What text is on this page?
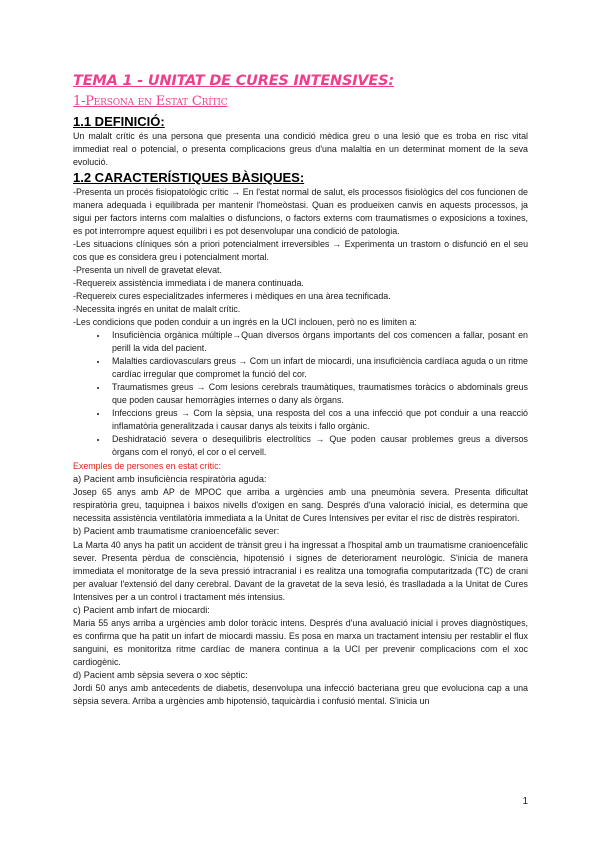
TEMA 1 - UNITAT DE CURES INTENSIVES:
1-Persona en Estat Crític
1.1 DEFINICIÓ:

Un malalt crític és una persona que presenta una condició mèdica greu o una lesió que es troba en risc vital immediat real o potencial, o presenta complicacions greus d'una malaltia en un determinat moment de la seva evolució.

1.2 CARACTERÍSTIQUES BÀSIQUES:

-Presenta un procés fisiopatològic crític → En l'estat normal de salut, els processos fisiològics del cos funcionen de manera adequada i equilibrada per mantenir l'homeòstasi. Quan es produeixen canvis en aquests processos, ja sigui per factors interns com malalties o disfuncions, o factors externs com traumatismes o exposicions a toxines, es pot interrompre aquest equilibri i es pot desenvolupar una condició de patologia.

-Les situacions clíniques són a priori potencialment irreversibles → Experimenta un trastorn o disfunció en el seu cos que es considera greu i potencialment mortal.

-Presenta un nivell de gravetat elevat.

-Requereix assistència immediata i de manera continuada.

-Requereix cures especialitzades infermeres i mèdiques en una àrea tecnificada.

-Necessita ingrés en unitat de malalt crític.

-Les condicions que poden conduir a un ingrés en la UCI inclouen, però no es limiten a:

• Insuficiència orgànica múltiple→Quan diversos òrgans importants del cos comencen a fallar, posant en perill la vida del pacient.
• Malalties cardiovasculars greus → Com un infart de miocardi, una insuficiència cardíaca aguda o un ritme cardíac irregular que compromet la funció del cor.
• Traumatismes greus → Com lesions cerebrals traumàtiques, traumatismes toràcics o abdominals greus que poden causar hemorràgies internes o dany als òrgans.
• Infeccions greus → Com la sèpsia, una resposta del cos a una infecció que pot conduir a una reacció inflamatòria generalitzada i causar danys als teixits i fallo orgànic.
• Deshidratació severa o desequilibris electrolítics → Que poden causar problemes greus a diversos òrgans com el ronyó, el cor o el cervell.

Exemples de persones en estat crític:

a) Pacient amb insuficiència respiratòria aguda:

Josep 65 anys amb AP de MPOC que arriba a urgències amb una pneumònia severa. Presenta dificultat respiratòria greu, taquipnea i baixos nivells d'oxigen en sang. Després d'una valoració inicial, es determina que necessita assistència ventilatòria immediata a la Unitat de Cures Intensives per evitar el risc de distrès respiratori.

b) Pacient amb traumatisme cranioencefàlic sever:

La Marta 40 anys ha patit un accident de trànsit greu i ha ingressat a l'hospital amb un traumatisme cranioencefàlic sever. Presenta pèrdua de consciència, hipotensió i signes de deteriorament neurològic. S'inicia de manera immediata el monitoratge de la seva pressió intracranial i es realitza una tomografia computaritzada (TC) de crani per avaluar l'extensió del dany cerebral. Davant de la gravetat de la seva lesió, és traslladada a la Unitat de Cures Intensives per a un control i tractament més intensius.

c) Pacient amb infart de miocardi:

Maria 55 anys arriba a urgències amb dolor toràcic intens. Després d'una avaluació inicial i proves diagnòstiques, es confirma que ha patit un infart de miocardi massiu. Es posa en marxa un tractament intensiu per restablir el flux sanguini, es monitoritza ritme cardíac de manera continua a la UCI per prevenir complicacions com el xoc cardiogènic.

d) Pacient amb sèpsia severa o xoc sèptic:

Jordi 50 anys amb antecedents de diabetis, desenvolupa una infecció bacteriana greu que evoluciona cap a una sèpsia severa. Arriba a urgències amb hipotensió, taquicàrdia i confusió mental. S'inicia un

1
